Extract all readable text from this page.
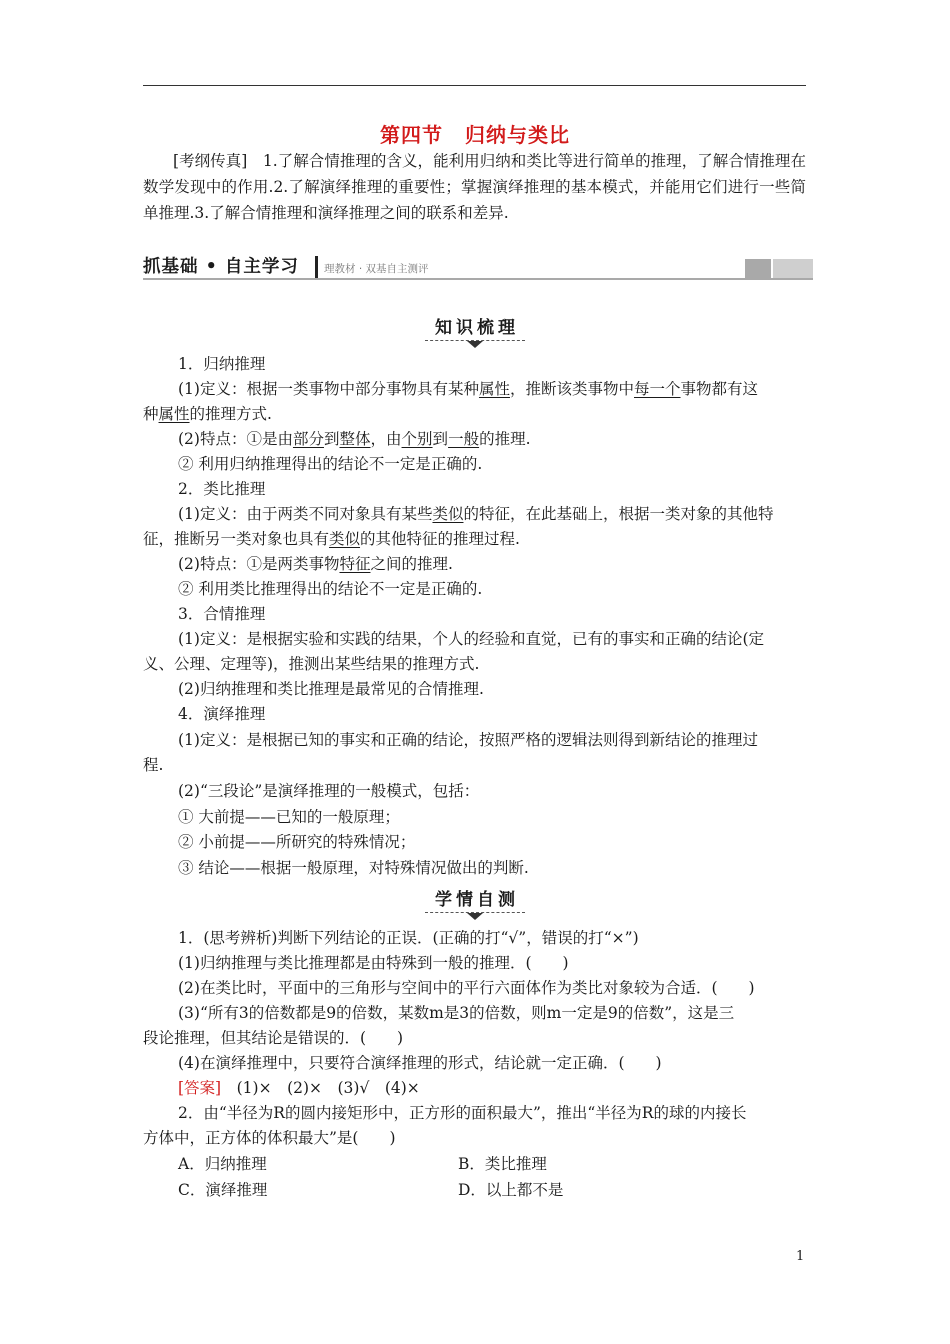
第四节 归纳与类比
[考纲传真]　 1.了解合情推理的含义，能利用归纳和类比等进行简单的推理，了解合情推理在数学发现中的作用.2.了解演绎推理的重要性；掌握演绎推理的基本模式，并能用它们进行一些简单推理.3.了解合情推理和演绎推理之间的联系和差异.
抓基础 • 自主学习 理教材 · 双基自主测评
知识梳理
1．归纳推理
(1)定义：根据一类事物中部分事物具有某种属性，推断该类事物中每一个事物都有这
种属性的推理方式.
(2)特点：①是由部分到整体，由个别到一般的推理.
② 利用归纳推理得出的结论不一定是正确的.
2．类比推理
(1)定义：由于两类不同对象具有某些类似的特征，在此基础上，根据一类对象的其他特
征，推断另一类对象也具有类似的其他特征的推理过程.
(2)特点：①是两类事物特征之间的推理.
② 利用类比推理得出的结论不一定是正确的.
3．合情推理
(1)定义：是根据实验和实践的结果，个人的经验和直觉，已有的事实和正确的结论(定
义、公理、定理等)，推测出某些结果的推理方式.
(2)归纳推理和类比推理是最常见的合情推理.
4．演绎推理
(1)定义：是根据已知的事实和正确的结论，按照严格的逻辑法则得到新结论的推理过
程.
(2)“三段论”是演绎推理的一般模式，包括：
① 大前提——已知的一般原理；
② 小前提——所研究的特殊情况；
③ 结论——根据一般原理，对特殊情况做出的判断.
学情自测
1．(思考辨析)判断下列结论的正误．(正确的打“√”，错误的打“×”)
(1)归纳推理与类比推理都是由特殊到一般的推理．(　　)
(2)在类比时，平面中的三角形与空间中的平行六面体作为类比对象较为合适．(　　)
(3)“所有3的倍数都是9的倍数，某数m是3的倍数，则m一定是9的倍数”，这是三
段论推理，但其结论是错误的．(　　)
(4)在演绎推理中，只要符合演绎推理的形式，结论就一定正确．(　　)
[答案]　 (1)×　(2)×　(3)√　(4)×
2．由“半径为R的圆内接矩形中，正方形的面积最大”，推出“半径为R的球的内接长
方体中，正方体的体积最大”是(　　)
A．归纳推理	B．类比推理
C．演绎推理	D．以上都不是
1
